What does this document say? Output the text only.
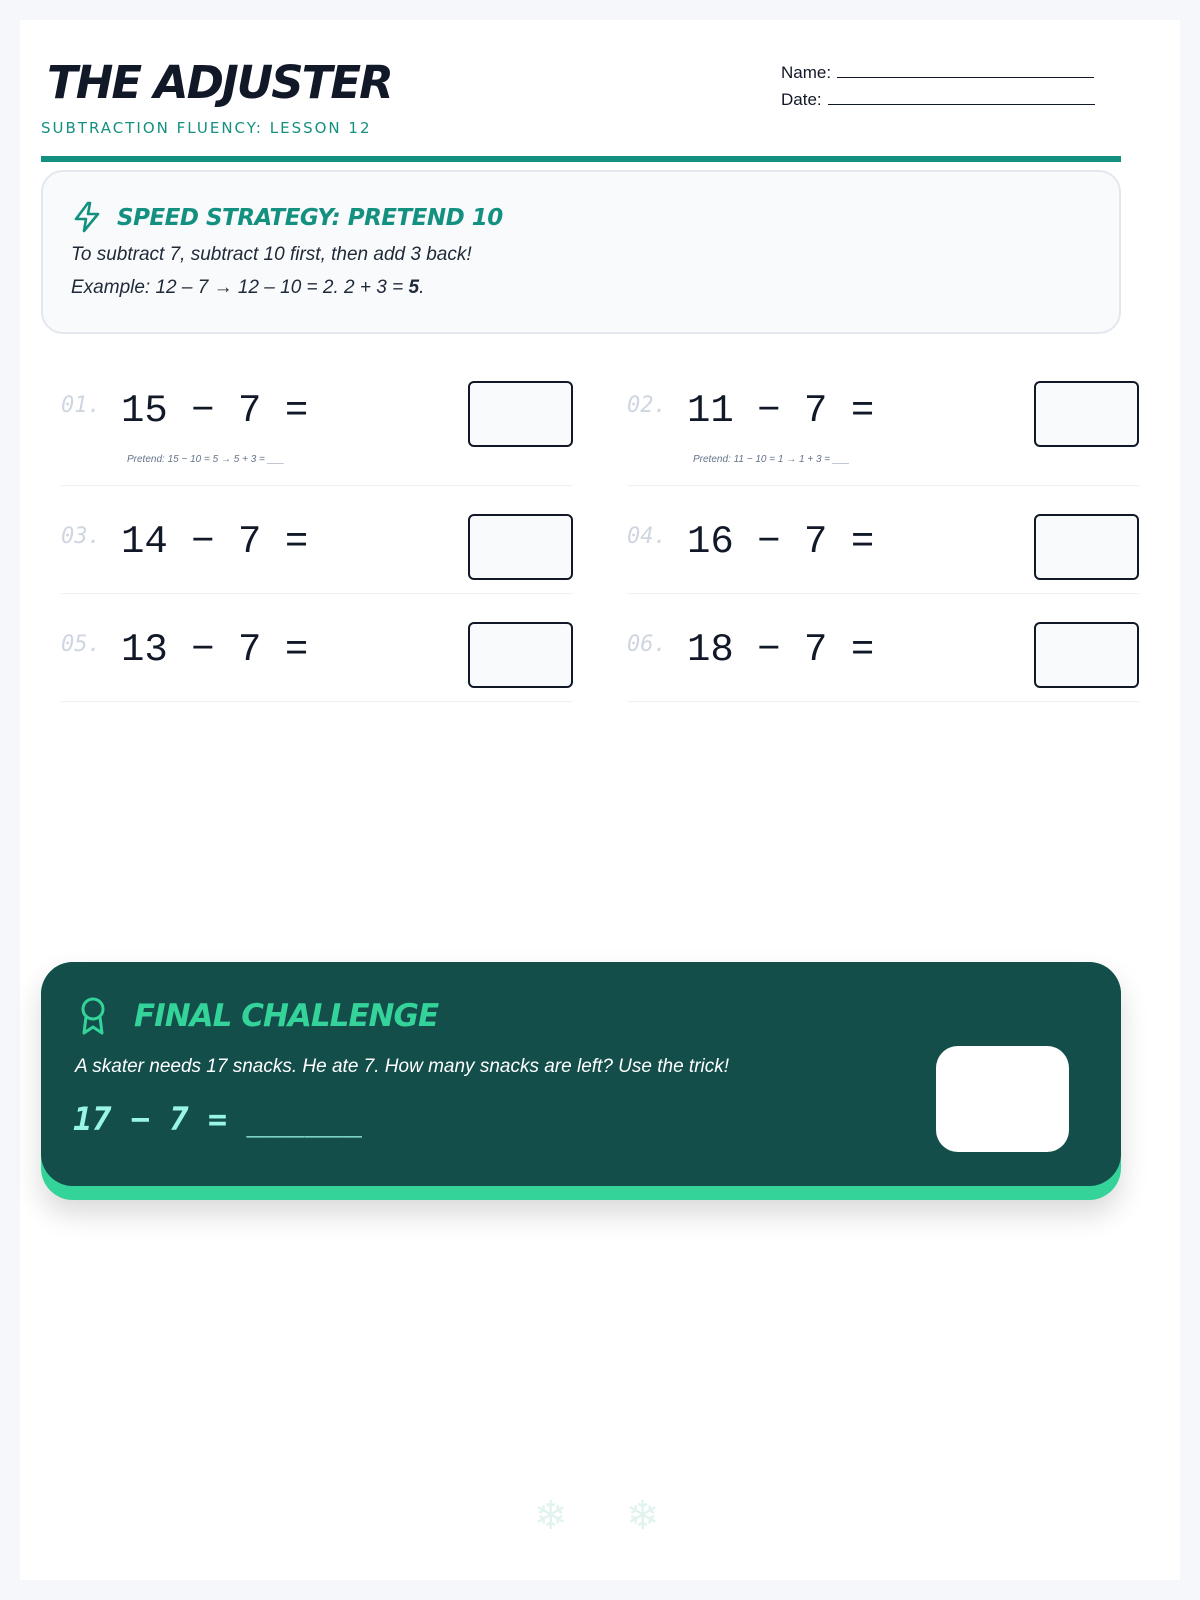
THE ADJUSTER
SUBTRACTION FLUENCY: LESSON 12
Name:
Date:
SPEED STRATEGY: PRETEND 10
To subtract 7, subtract 10 first, then add 3 back!
Example: 12 – 7 → 12 – 10 = 2. 2 + 3 = 5.
01. 15 − 7 =
Pretend: 15 − 10 = 5 → 5 + 3 = ___
02. 11 − 7 =
Pretend: 11 − 10 = 1 → 1 + 3 = ___
03. 14 − 7 =	04. 16 − 7 =
05. 13 − 7 =	06. 18 − 7 =
FINAL CHALLENGE
A skater needs 17 snacks. He ate 7. How many snacks are left? Use the trick!
17 − 7 = ______
❄ ❄
